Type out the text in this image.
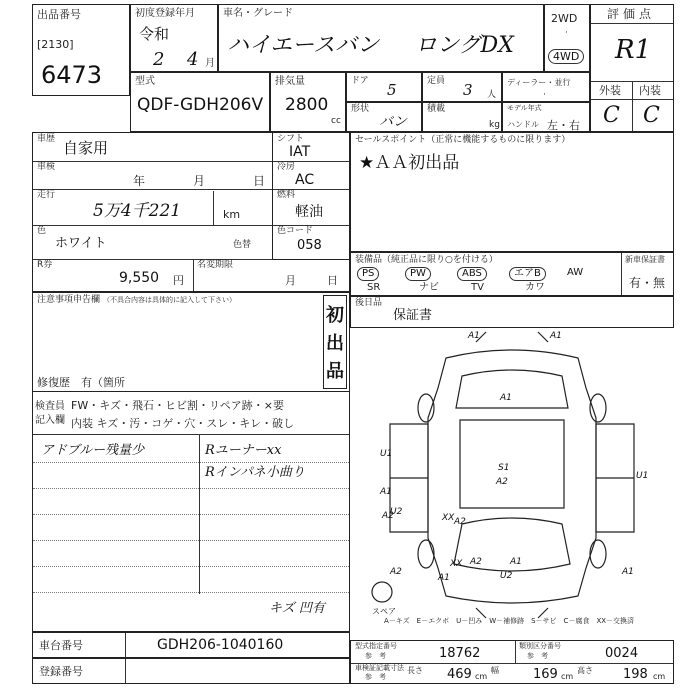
出品番号
[2130]
6473
初度登録年月
令和
2 4 月
車名・グレード
ハイエースバン ロングDX
2WD
·
4WD
評価点
R1
外装 内装
C C
型式
QDF-GDH206V
排気量
2800
cc
ドア 5	定員 3 人
ディーラー・並行
·
形状
バン
積載
kg
モデル年式
ハンドル 左・右
車歴 自家用
車検
年	月	日
走行
5万4千221	km
色
ホワイト	色替
R券
9,550 円
名変期限
月	日
シフト
IAT
冷房
AC
燃料
軽油
色コード
058
セールスポイント（正常に機能するものに限ります）
★ＡＡ初出品
装備品（純正品に限り○を付ける）	新車保証書
有・無
PS	PW	ABS	エアB	AW
SR	ナビ	TV	カワ
後日品
保証書
注意事項申告欄 （不具合内容は具体的に記入して下さい）
初出品
修復歴 有（箇所
検査員
記入欄
FW・キズ・飛石・ヒビ割・リペア跡・×要
内装 キズ・汚・コゲ・穴・スレ・キレ・破し
アドブルー残量少	Rユーナーxx
Rインパネ小曲り
キズ 凹有
A1	A1
A1
U1
A1
U2
A2
A2
A2
A2
A1
XX
XX	A1
S1
A2
U2
U1
A1
スペア
A－キズ　E－エクボ　U－凹み　W－補修跡　S－サビ　C－腐食　XX－交換済
車台番号	GDH206-1040160
登録番号
型式指定番号
参　考	18762	類別区分番号
参　考	0024
車検証記載寸法
参　考
長さ 469 cm
幅	169 cm
高さ 198 cm
